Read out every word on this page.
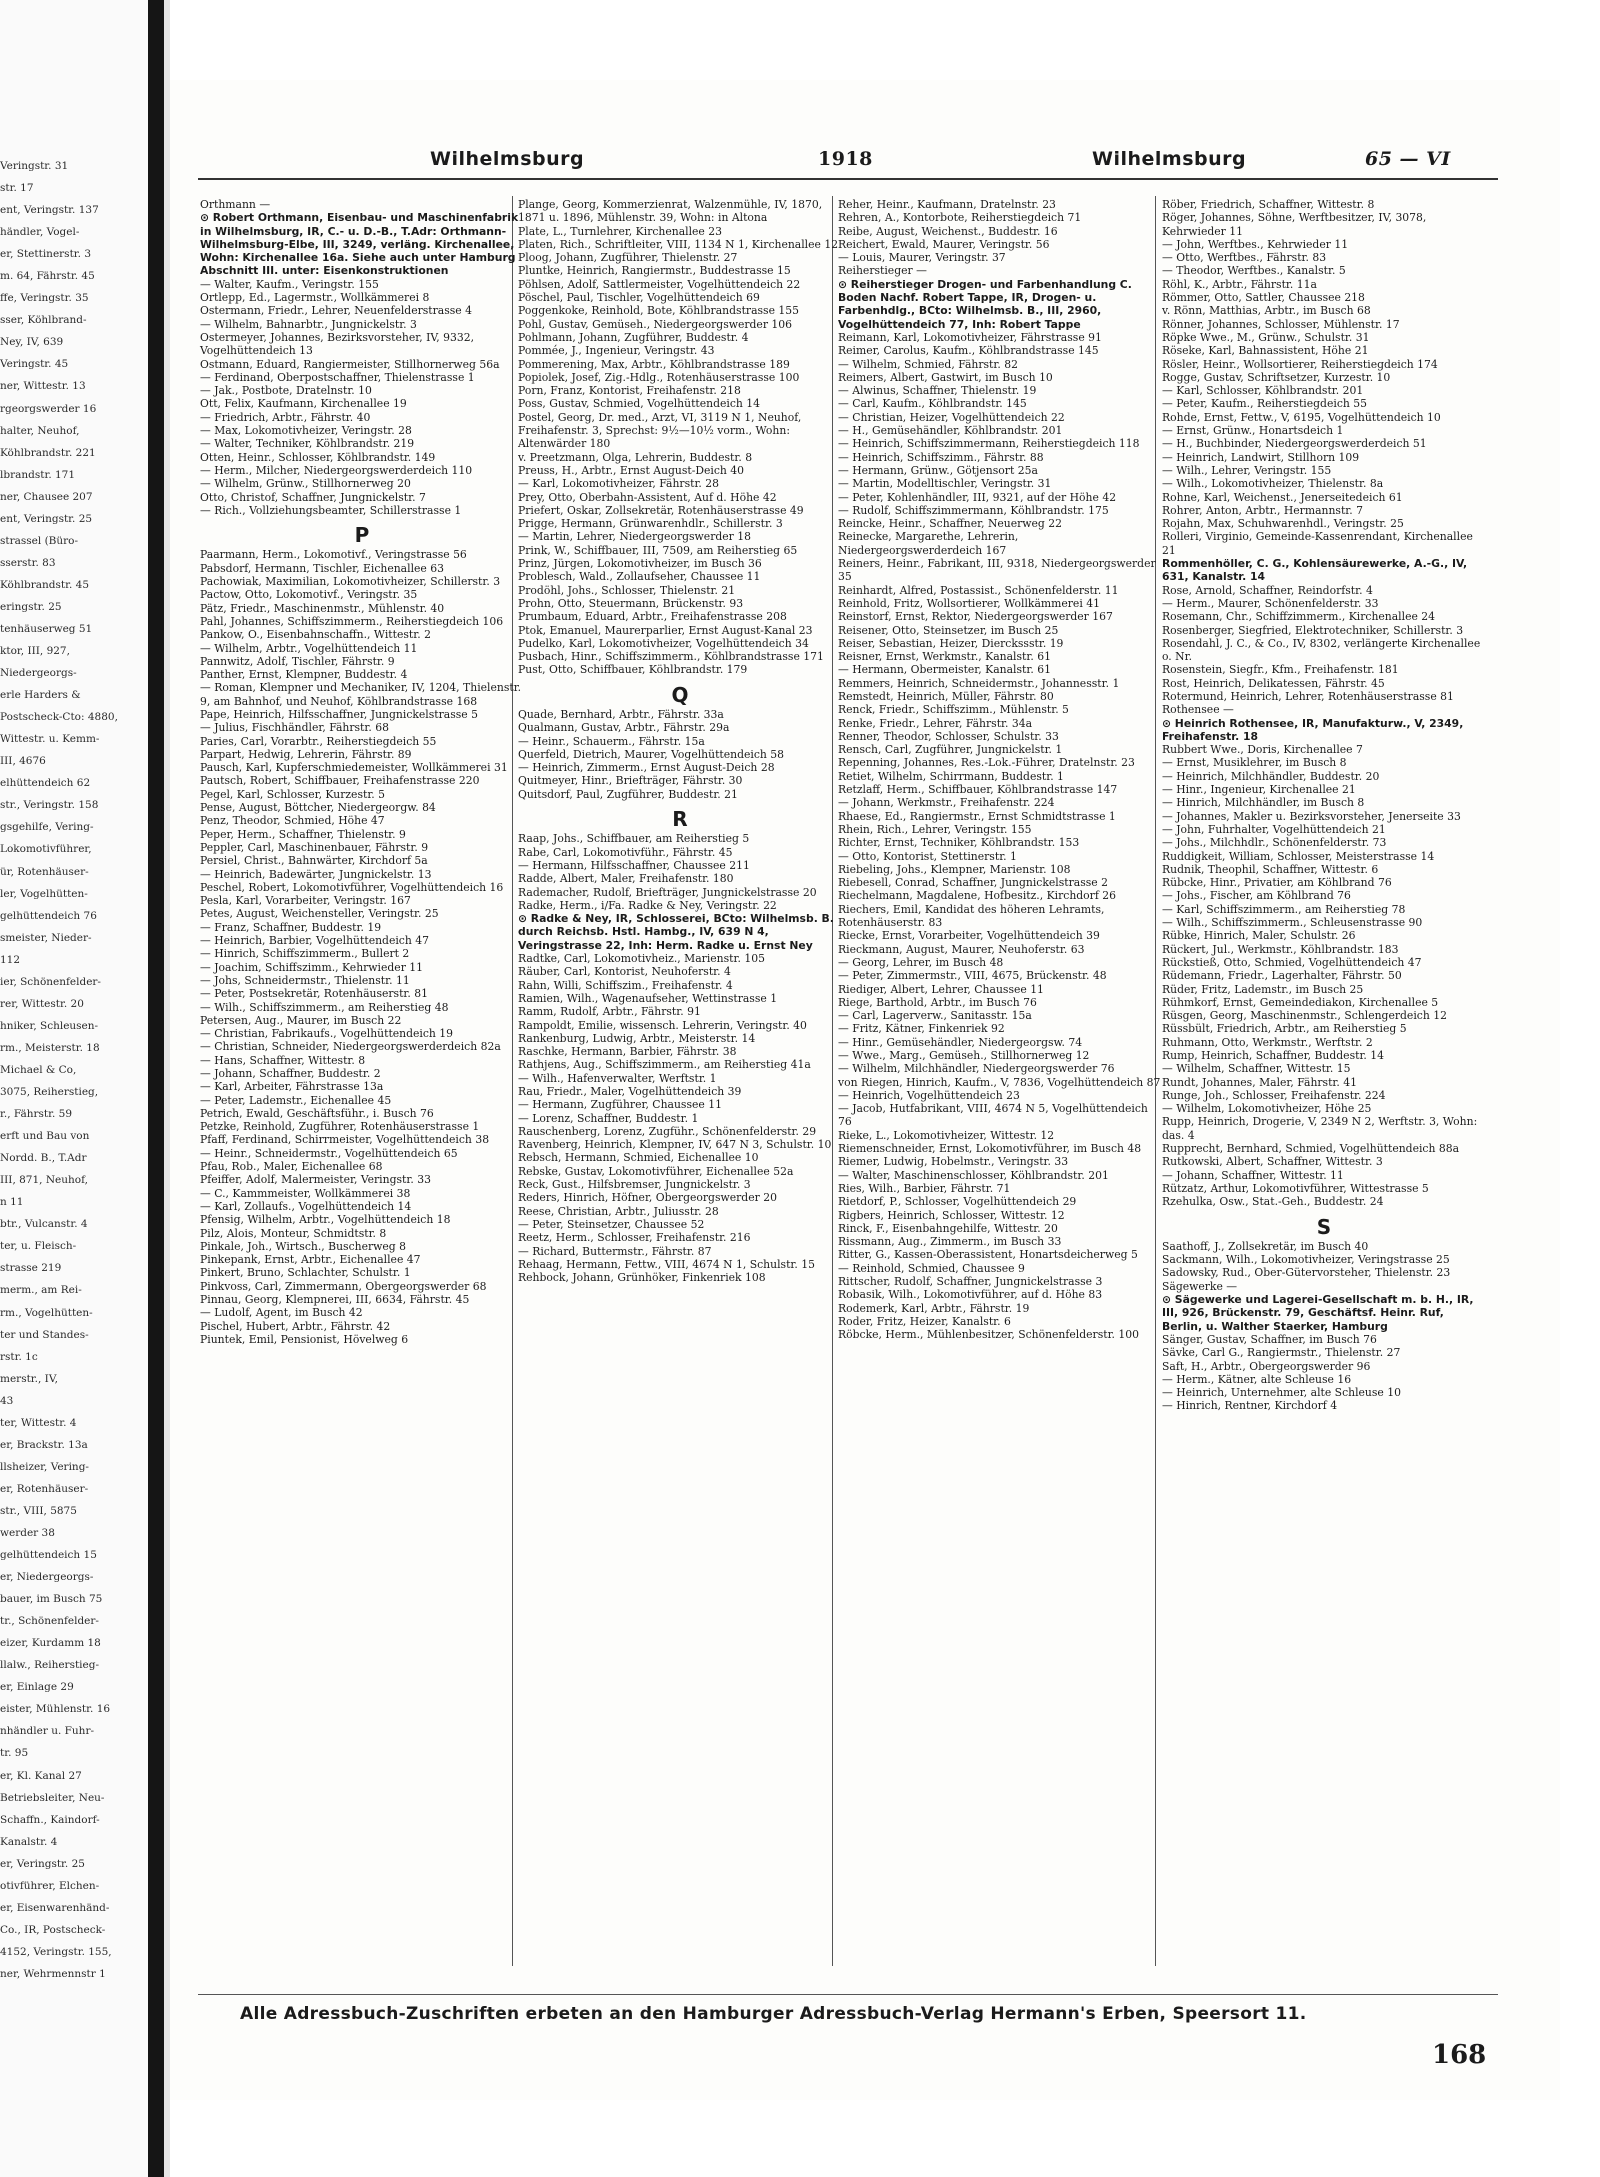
Wilhelmsburg	1918	Wilhelmsburg	65 — VI
Orthmann —
⊙ Robert Orthmann, Eisenbau- und Maschinenfabrik in Wilhelmsburg, IR, C.- u. D.-B., T.Adr: Orthmann-Wilhelmsburg-Elbe, III, 3249, verläng. Kirchenallee, Wohn: Kirchenallee 16a. Siehe auch unter Hamburg Abschnitt III. unter: Eisenkonstruktionen
— Walter, Kaufm., Veringstr. 155
Ortlepp, Ed., Lagermstr., Wollkämmerei 8
Ostermann, Friedr., Lehrer, Neuenfelderstrasse 4
— Wilhelm, Bahnarbtr., Jungnickelstr. 3
Ostermeyer, Johannes, Bezirksvorsteher, IV, 9332, Vogelhüttendeich 13
Ostmann, Eduard, Rangiermeister, Stillhornerweg 56a
— Ferdinand, Oberpostschaffner, Thielenstrasse 1
— Jak., Postbote, Dratelnstr. 10
Ott, Felix, Kaufmann, Kirchenallee 19
— Friedrich, Arbtr., Fährstr. 40
— Max, Lokomotivheizer, Veringstr. 28
— Walter, Techniker, Köhlbrandstr. 219
Otten, Heinr., Schlosser, Köhlbrandstr. 149
— Herm., Milcher, Niedergeorgswerderdeich 110
— Wilhelm, Grünw., Stillhornerweg 20
Otto, Christof, Schaffner, Jungnickelstr. 7
— Rich., Vollziehungsbeamter, Schillerstrasse 1
P
Paarmann, Herm., Lokomotivf., Veringstrasse 56
Pabsdorf, Hermann, Tischler, Eichenallee 63
Pachowiak, Maximilian, Lokomotivheizer, Schillerstr. 3
Pactow, Otto, Lokomotivf., Veringstr. 35
Pätz, Friedr., Maschinenmstr., Mühlenstr. 40
Pahl, Johannes, Schiffszimmerm., Reiherstiegdeich 106
Pankow, O., Eisenbahnschaffn., Wittestr. 2
— Wilhelm, Arbtr., Vogelhüttendeich 11
Pannwitz, Adolf, Tischler, Fährstr. 9
Panther, Ernst, Klempner, Buddestr. 4
— Roman, Klempner und Mechaniker, IV, 1204, Thielenstr. 9, am Bahnhof, und Neuhof, Köhlbrandstrasse 168
Pape, Heinrich, Hilfsschaffner, Jungnickelstrasse 5
— Julius, Fischhändler, Fährstr. 68
Paries, Carl, Vorarbtr., Reiherstiegdeich 55
Parpart, Hedwig, Lehrerin, Fährstr. 89
Pausch, Karl, Kupferschmiedemeister, Wollkämmerei 31
Pautsch, Robert, Schiffbauer, Freihafenstrasse 220
Pegel, Karl, Schlosser, Kurzestr. 5
Pense, August, Böttcher, Niedergeorgw. 84
Penz, Theodor, Schmied, Höhe 47
Peper, Herm., Schaffner, Thielenstr. 9
Peppler, Carl, Maschinenbauer, Fährstr. 9
Persiel, Christ., Bahnwärter, Kirchdorf 5a
— Heinrich, Badewärter, Jungnickelstr. 13
Peschel, Robert, Lokomotivführer, Vogelhüttendeich 16
Pesla, Karl, Vorarbeiter, Veringstr. 167
Petes, August, Weichensteller, Veringstr. 25
— Franz, Schaffner, Buddestr. 19
— Heinrich, Barbier, Vogelhüttendeich 47
— Hinrich, Schiffszimmerm., Bullert 2
— Joachim, Schiffszimm., Kehrwieder 11
— Johs, Schneidermstr., Thielenstr. 11
— Peter, Postsekretär, Rotenhäuserstr. 81
— Wilh., Schiffszimmerm., am Reiherstieg 48
Petersen, Aug., Maurer, im Busch 22
— Christian, Fabrikaufs., Vogelhüttendeich 19
— Christian, Schneider, Niedergeorgswerderdeich 82a
— Hans, Schaffner, Wittestr. 8
— Johann, Schaffner, Buddestr. 2
— Karl, Arbeiter, Fährstrasse 13a
— Peter, Lademstr., Eichenallee 45
Petrich, Ewald, Geschäftsführ., i. Busch 76
Petzke, Reinhold, Zugführer, Rotenhäuserstrasse 1
Pfaff, Ferdinand, Schirrmeister, Vogelhüttendeich 38
— Heinr., Schneidermstr., Vogelhüttendeich 65
Pfau, Rob., Maler, Eichenallee 68
Pfeiffer, Adolf, Malermeister, Veringstr. 33
— C., Kammmeister, Wollkämmerei 38
— Karl, Zollaufs., Vogelhüttendeich 14
Pfensig, Wilhelm, Arbtr., Vogelhüttendeich 18
Pilz, Alois, Monteur, Schmidtstr. 8
Pinkale, Joh., Wirtsch., Buscherweg 8
Pinkepank, Ernst, Arbtr., Eichenallee 47
Pinkert, Bruno, Schlachter, Schulstr. 1
Pinkvoss, Carl, Zimmermann, Obergeorgswerder 68
Pinnau, Georg, Klempnerei, III, 6634, Fährstr. 45
— Ludolf, Agent, im Busch 42
Pischel, Hubert, Arbtr., Fährstr. 42
Piuntek, Emil, Pensionist, Hövelweg 6
Plange, Georg, Kommerzienrat, Walzenmühle, IV, 1870, 1871 u. 1896, Mühlenstr. 39, Wohn: in Altona
Plate, L., Turnlehrer, Kirchenallee 23
Platen, Rich., Schriftleiter, VIII, 1134 N 1, Kirchenallee 12
Ploog, Johann, Zugführer, Thielenstr. 27
Pluntke, Heinrich, Rangiermstr., Buddestrasse 15
Pöhlsen, Adolf, Sattlermeister, Vogelhüttendeich 22
Pöschel, Paul, Tischler, Vogelhüttendeich 69
Poggenkoke, Reinhold, Bote, Köhlbrandstrasse 155
Pohl, Gustav, Gemüseh., Niedergeorgswerder 106
Pohlmann, Johann, Zugführer, Buddestr. 4
Pommée, J., Ingenieur, Veringstr. 43
Pommerening, Max, Arbtr., Köhlbrandstrasse 189
Popiolek, Josef, Zig.-Hdlg., Rotenhäuserstrasse 100
Porn, Franz, Kontorist, Freihafenstr. 218
Poss, Gustav, Schmied, Vogelhüttendeich 14
Postel, Georg, Dr. med., Arzt, VI, 3119 N 1, Neuhof, Freihafenstr. 3, Sprechst: 9½—10½ vorm., Wohn: Altenwärder 180
v. Preetzmann, Olga, Lehrerin, Buddestr. 8
Preuss, H., Arbtr., Ernst August-Deich 40
— Karl, Lokomotivheizer, Fährstr. 28
Prey, Otto, Oberbahn-Assistent, Auf d. Höhe 42
Priefert, Oskar, Zollsekretär, Rotenhäuserstrasse 49
Prigge, Hermann, Grünwarenhdlr., Schillerstr. 3
— Martin, Lehrer, Niedergeorgswerder 18
Prink, W., Schiffbauer, III, 7509, am Reiherstieg 65
Prinz, Jürgen, Lokomotivheizer, im Busch 36
Problesch, Wald., Zollaufseher, Chaussee 11
Prodöhl, Johs., Schlosser, Thielenstr. 21
Prohn, Otto, Steuermann, Brückenstr. 93
Prumbaum, Eduard, Arbtr., Freihafenstrasse 208
Ptok, Emanuel, Maurerparlier, Ernst August-Kanal 23
Pudelko, Karl, Lokomotivheizer, Vogelhüttendeich 34
Pusbach, Hinr., Schiffszimmerm., Köhlbrandstrasse 171
Pust, Otto, Schiffbauer, Köhlbrandstr. 179
Q
Quade, Bernhard, Arbtr., Fährstr. 33a
Qualmann, Gustav, Arbtr., Fährstr. 29a
— Heinr., Schauerm., Fährstr. 15a
Querfeld, Dietrich, Maurer, Vogelhüttendeich 58
— Heinrich, Zimmerm., Ernst August-Deich 28
Quitmeyer, Hinr., Briefträger, Fährstr. 30
Quitsdorf, Paul, Zugführer, Buddestr. 21
R
Raap, Johs., Schiffbauer, am Reiherstieg 5
Rabe, Carl, Lokomotivführ., Fährstr. 45
— Hermann, Hilfsschaffner, Chaussee 211
Radde, Albert, Maler, Freihafenstr. 180
Rademacher, Rudolf, Briefträger, Jungnickelstrasse 20
Radke, Herm., i/Fa. Radke & Ney, Veringstr. 22
⊙ Radke & Ney, IR, Schlosserei, BCto: Wilhelmsb. B. durch Reichsb. Hstl. Hambg., IV, 639 N 4, Veringstrasse 22, Inh: Herm. Radke u. Ernst Ney
Radtke, Carl, Lokomotivheiz., Marienstr. 105
Räuber, Carl, Kontorist, Neuhoferstr. 4
Rahn, Willi, Schiffszim., Freihafenstr. 4
Ramien, Wilh., Wagenaufseher, Wettinstrasse 1
Ramm, Rudolf, Arbtr., Fährstr. 91
Rampoldt, Emilie, wissensch. Lehrerin, Veringstr. 40
Rankenburg, Ludwig, Arbtr., Meisterstr. 14
Raschke, Hermann, Barbier, Fährstr. 38
Rathjens, Aug., Schiffszimmerm., am Reiherstieg 41a
— Wilh., Hafenverwalter, Werftstr. 1
Rau, Friedr., Maler, Vogelhüttendeich 39
— Hermann, Zugführer, Chaussee 11
— Lorenz, Schaffner, Buddestr. 1
Rauschenberg, Lorenz, Zugführ., Schönenfelderstr. 29
Ravenberg, Heinrich, Klempner, IV, 647 N 3, Schulstr. 10
Rebsch, Hermann, Schmied, Eichenallee 10
Rebske, Gustav, Lokomotivführer, Eichenallee 52a
Reck, Gust., Hilfsbremser, Jungnickelstr. 3
Reders, Hinrich, Höfner, Obergeorgswerder 20
Reese, Christian, Arbtr., Juliusstr. 28
— Peter, Steinsetzer, Chaussee 52
Reetz, Herm., Schlosser, Freihafenstr. 216
— Richard, Buttermstr., Fährstr. 87
Rehaag, Hermann, Fettw., VIII, 4674 N 1, Schulstr. 15
Rehbock, Johann, Grünhöker, Finkenriek 108
Reher, Heinr., Kaufmann, Dratelnstr. 23
Rehren, A., Kontorbote, Reiherstiegdeich 71
Reibe, August, Weichenst., Buddestr. 16
Reichert, Ewald, Maurer, Veringstr. 56
— Louis, Maurer, Veringstr. 37
Reiherstieger —
⊙ Reiherstieger Drogen- und Farbenhandlung C. Boden Nachf. Robert Tappe, IR, Drogen- u. Farbenhdlg., BCto: Wilhelmsb. B., III, 2960, Vogelhüttendeich 77, Inh: Robert Tappe
Reimann, Karl, Lokomotivheizer, Fährstrasse 91
Reimer, Carolus, Kaufm., Köhlbrandstrasse 145
— Wilhelm, Schmied, Fährstr. 82
Reimers, Albert, Gastwirt, im Busch 10
— Alwinus, Schaffner, Thielenstr. 19
— Carl, Kaufm., Köhlbrandstr. 145
— Christian, Heizer, Vogelhüttendeich 22
— H., Gemüsehändler, Köhlbrandstr. 201
— Heinrich, Schiffszimmermann, Reiherstiegdeich 118
— Heinrich, Schiffszimm., Fährstr. 88
— Hermann, Grünw., Götjensort 25a
— Martin, Modelltischler, Veringstr. 31
— Peter, Kohlenhändler, III, 9321, auf der Höhe 42
— Rudolf, Schiffszimmermann, Köhlbrandstr. 175
Reincke, Heinr., Schaffner, Neuerweg 22
Reinecke, Margarethe, Lehrerin, Niedergeorgswerderdeich 167
Reiners, Heinr., Fabrikant, III, 9318, Niedergeorgswerder 35
Reinhardt, Alfred, Postassist., Schönenfelderstr. 11
Reinhold, Fritz, Wollsortierer, Wollkämmerei 41
Reinstorf, Ernst, Rektor, Niedergeorgswerder 167
Reisener, Otto, Steinsetzer, im Busch 25
Reiser, Sebastian, Heizer, Dierckssstr. 19
Reisner, Ernst, Werkmstr., Kanalstr. 61
— Hermann, Obermeister, Kanalstr. 61
Remmers, Heinrich, Schneidermstr., Johannesstr. 1
Remstedt, Heinrich, Müller, Fährstr. 80
Renck, Friedr., Schiffszimm., Mühlenstr. 5
Renke, Friedr., Lehrer, Fährstr. 34a
Renner, Theodor, Schlosser, Schulstr. 33
Rensch, Carl, Zugführer, Jungnickelstr. 1
Repenning, Johannes, Res.-Lok.-Führer, Dratelnstr. 23
Retiet, Wilhelm, Schirrmann, Buddestr. 1
Retzlaff, Herm., Schiffbauer, Köhlbrandstrasse 147
— Johann, Werkmstr., Freihafenstr. 224
Rhaese, Ed., Rangiermstr., Ernst Schmidtstrasse 1
Rhein, Rich., Lehrer, Veringstr. 155
Richter, Ernst, Techniker, Köhlbrandstr. 153
— Otto, Kontorist, Stettinerstr. 1
Riebeling, Johs., Klempner, Marienstr. 108
Riebesell, Conrad, Schaffner, Jungnickelstrasse 2
Riechelmann, Magdalene, Hofbesitz., Kirchdorf 26
Riechers, Emil, Kandidat des höheren Lehramts, Rotenhäuserstr. 83
Riecke, Ernst, Vorarbeiter, Vogelhüttendeich 39
Rieckmann, August, Maurer, Neuhoferstr. 63
— Georg, Lehrer, im Busch 48
— Peter, Zimmermstr., VIII, 4675, Brückenstr. 48
Riediger, Albert, Lehrer, Chaussee 11
Riege, Barthold, Arbtr., im Busch 76
— Carl, Lagerverw., Sanitasstr. 15a
— Fritz, Kätner, Finkenriek 92
— Hinr., Gemüsehändler, Niedergeorgsw. 74
— Wwe., Marg., Gemüseh., Stillhornerweg 12
— Wilhelm, Milchhändler, Niedergeorgswerder 76
von Riegen, Hinrich, Kaufm., V, 7836, Vogelhüttendeich 87
— Heinrich, Vogelhüttendeich 23
— Jacob, Hutfabrikant, VIII, 4674 N 5, Vogelhüttendeich 76
Rieke, L., Lokomotivheizer, Wittestr. 12
Riemenschneider, Ernst, Lokomotivführer, im Busch 48
Riemer, Ludwig, Hobelmstr., Veringstr. 33
— Walter, Maschinenschlosser, Köhlbrandstr. 201
Ries, Wilh., Barbier, Fährstr. 71
Rietdorf, P., Schlosser, Vogelhüttendeich 29
Rigbers, Heinrich, Schlosser, Wittestr. 12
Rinck, F., Eisenbahngehilfe, Wittestr. 20
Rissmann, Aug., Zimmerm., im Busch 33
Ritter, G., Kassen-Oberassistent, Honartsdeicherweg 5
— Reinhold, Schmied, Chaussee 9
Rittscher, Rudolf, Schaffner, Jungnickelstrasse 3
Robasik, Wilh., Lokomotivführer, auf d. Höhe 83
Rodemerk, Karl, Arbtr., Fährstr. 19
Roder, Fritz, Heizer, Kanalstr. 6
Röbcke, Herm., Mühlenbesitzer, Schönenfelderstr. 100
Röber, Friedrich, Schaffner, Wittestr. 8
Röger, Johannes, Söhne, Werftbesitzer, IV, 3078, Kehrwieder 11
— John, Werftbes., Kehrwieder 11
— Otto, Werftbes., Fährstr. 83
— Theodor, Werftbes., Kanalstr. 5
Röhl, K., Arbtr., Fährstr. 11a
Römmer, Otto, Sattler, Chaussee 218
v. Rönn, Matthias, Arbtr., im Busch 68
Rönner, Johannes, Schlosser, Mühlenstr. 17
Röpke Wwe., M., Grünw., Schulstr. 31
Röseke, Karl, Bahnassistent, Höhe 21
Rösler, Heinr., Wollsortierer, Reiherstiegdeich 174
Rogge, Gustav, Schriftsetzer, Kurzestr. 10
— Karl, Schlosser, Köhlbrandstr. 201
— Peter, Kaufm., Reiherstiegdeich 55
Rohde, Ernst, Fettw., V, 6195, Vogelhüttendeich 10
— Ernst, Grünw., Honartsdeich 1
— H., Buchbinder, Niedergeorgswerderdeich 51
— Heinrich, Landwirt, Stillhorn 109
— Wilh., Lehrer, Veringstr. 155
— Wilh., Lokomotivheizer, Thielenstr. 8a
Rohne, Karl, Weichenst., Jenerseitedeich 61
Rohrer, Anton, Arbtr., Hermannstr. 7
Rojahn, Max, Schuhwarenhdl., Veringstr. 25
Rolleri, Virginio, Gemeinde-Kassenrendant, Kirchenallee 21
Rommenhöller, C. G., Kohlensäurewerke, A.-G., IV, 631, Kanalstr. 14
Rose, Arnold, Schaffner, Reindorfstr. 4
— Herm., Maurer, Schönenfelderstr. 33
Rosemann, Chr., Schiffzimmerm., Kirchenallee 24
Rosenberger, Siegfried, Elektrotechniker, Schillerstr. 3
Rosendahl, J. C., & Co., IV, 8302, verlängerte Kirchenallee o. Nr.
Rosenstein, Siegfr., Kfm., Freihafenstr. 181
Rost, Heinrich, Delikatessen, Fährstr. 45
Rotermund, Heinrich, Lehrer, Rotenhäuserstrasse 81
Rothensee —
⊙ Heinrich Rothensee, IR, Manufakturw., V, 2349, Freihafenstr. 18
Rubbert Wwe., Doris, Kirchenallee 7
— Ernst, Musiklehrer, im Busch 8
— Heinrich, Milchhändler, Buddestr. 20
— Hinr., Ingenieur, Kirchenallee 21
— Hinrich, Milchhändler, im Busch 8
— Johannes, Makler u. Bezirksvorsteher, Jenerseite 33
— John, Fuhrhalter, Vogelhüttendeich 21
— Johs., Milchhdlr., Schönenfelderstr. 73
Ruddigkeit, William, Schlosser, Meisterstrasse 14
Rudnik, Theophil, Schaffner, Wittestr. 6
Rübcke, Hinr., Privatier, am Köhlbrand 76
— Johs., Fischer, am Köhlbrand 76
— Karl, Schiffszimmerm., am Reiherstieg 78
— Wilh., Schiffszimmerm., Schleusenstrasse 90
Rübke, Hinrich, Maler, Schulstr. 26
Rückert, Jul., Werkmstr., Köhlbrandstr. 183
Rückstieß, Otto, Schmied, Vogelhüttendeich 47
Rüdemann, Friedr., Lagerhalter, Fährstr. 50
Rüder, Fritz, Lademstr., im Busch 25
Rühmkorf, Ernst, Gemeindediakon, Kirchenallee 5
Rüsgen, Georg, Maschinenmstr., Schlengerdeich 12
Rüssbült, Friedrich, Arbtr., am Reiherstieg 5
Ruhmann, Otto, Werkmstr., Werftstr. 2
Rump, Heinrich, Schaffner, Buddestr. 14
— Wilhelm, Schaffner, Wittestr. 15
Rundt, Johannes, Maler, Fährstr. 41
Runge, Joh., Schlosser, Freihafenstr. 224
— Wilhelm, Lokomotivheizer, Höhe 25
Rupp, Heinrich, Drogerie, V, 2349 N 2, Werftstr. 3, Wohn: das. 4
Rupprecht, Bernhard, Schmied, Vogelhüttendeich 88a
Rutkowski, Albert, Schaffner, Wittestr. 3
— Johann, Schaffner, Wittestr. 11
Rützatz, Arthur, Lokomotivführer, Wittestrasse 5
Rzehulka, Osw., Stat.-Geh., Buddestr. 24
S
Saathoff, J., Zollsekretär, im Busch 40
Sackmann, Wilh., Lokomotivheizer, Veringstrasse 25
Sadowsky, Rud., Ober-Gütervorsteher, Thielenstr. 23
Sägewerke —
⊙ Sägewerke und Lagerei-Gesellschaft m. b. H., IR, III, 926, Brückenstr. 79, Geschäftsf. Heinr. Ruf, Berlin, u. Walther Staerker, Hamburg
Sänger, Gustav, Schaffner, im Busch 76
Sävke, Carl G., Rangiermstr., Thielenstr. 27
Saft, H., Arbtr., Obergeorgswerder 96
— Herm., Kätner, alte Schleuse 16
— Heinrich, Unternehmer, alte Schleuse 10
— Hinrich, Rentner, Kirchdorf 4
Veringstr. 31
str. 17
ent, Veringstr. 137
händler, Vogel-
er, Stettinerstr. 3
m. 64, Fährstr. 45
ffe, Veringstr. 35
sser, Köhlbrand-
Ney, IV, 639
Veringstr. 45
ner, Wittestr. 13
rgeorgswerder 16
halter, Neuhof,
Köhlbrandstr. 221
lbrandstr. 171
ner, Chausee 207
ent, Veringstr. 25
strassel (Büro-
sserstr. 83
Köhlbrandstr. 45
eringstr. 25
tenhäuserweg 51
ktor, III, 927,
Niedergeorgs-
erle Harders &
Postscheck-Cto: 4880,
Wittestr. u. Kemm-
III, 4676
elhüttendeich 62
str., Veringstr. 158
gsgehilfe, Vering-
Lokomotivführer,
ür, Rotenhäuser-
ler, Vogelhütten-
gelhüttendeich 76
smeister, Nieder-
112
ier, Schönenfelder-
rer, Wittestr. 20
hniker, Schleusen-
rm., Meisterstr. 18
Michael & Co,
3075, Reiherstieg,
r., Fährstr. 59
erft und Bau von
Nordd. B., T.Adr
III, 871, Neuhof,
n 11
btr., Vulcanstr. 4
ter, u. Fleisch-
strasse 219
merm., am Rei-
rm., Vogelhütten-
ter und Standes-
rstr. 1c
merstr., IV,
43
ter, Wittestr. 4
er, Brackstr. 13a
llsheizer, Vering-
er, Rotenhäuser-
str., VIII, 5875
werder 38
gelhüttendeich 15
er, Niedergeorgs-
bauer, im Busch 75
tr., Schönenfelder-
eizer, Kurdamm 18
llalw., Reiherstieg-
er, Einlage 29
eister, Mühlenstr. 16
nhändler u. Fuhr-
tr. 95
er, Kl. Kanal 27
Betriebsleiter, Neu-
Schaffn., Kaindorf-
Kanalstr. 4
er, Veringstr. 25
otivführer, Elchen-
er, Eisenwarenhänd-
Co., IR, Postscheck-
4152, Veringstr. 155,
ner, Wehrmennstr 1
Alle Adressbuch-Zuschriften erbeten an den Hamburger Adressbuch-Verlag Hermann's Erben, Speersort 11.
168
